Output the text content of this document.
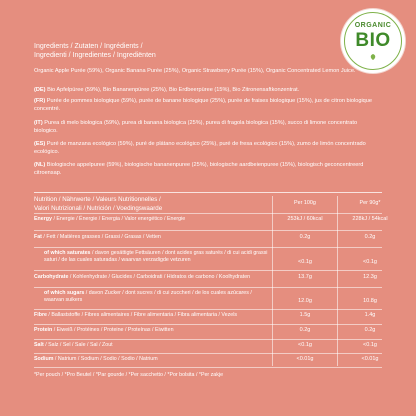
ORGANIC
BIO
Ingredients / Zutaten / Ingrédients /
Ingredienti / Ingredientes / Ingrediënten
Organic Apple Purée (59%), Organic Banana Purée (25%), Organic Strawberry Purée (15%), Organic Concentrated Lemon Juice.
(DE) Bio Apfelpüree (59%), Bio Bananenpüree (25%), Bio Erdbeerpüree (15%), Bio Zitronensaftkonzentrat.
(FR) Purée de pommes biologique (59%), purée de banane biologique (25%), purée de fraises biologique (15%), jus de citron biologique concentré.
(IT) Purea di melo biologica (59%), purea di banana biologica (25%), purea di fragola biologica (15%), succo di limone concentrato biologico.
(ES) Puré de manzana ecológico (59%), puré de plátano ecológico (25%), puré de fresa ecológico (15%), zumo de limón concentrado ecológico.
(NL) Biologische appelpuree (59%), biologische bananenpuree (25%), biologische aardbeienpuree (15%), biologisch geconcentreerd citroensap.
Nutrition / Nährwerte / Valeurs Nutritionnelles /
Valori Nutrizionali / Nutrición / Voedingswaarde
Per 100g	Per 90g*
Energy / Energie / Énergie / Energia / Valor energético / Energie	253kJ / 60kcal	228kJ / 54kcal
Fat / Fett / Matières grasses / Grassi / Grasas / Vetten	0.2g	0.2g
of which saturates / davon gesättigte Fettsäuren / dont acides gras saturés / di cui acidi grassi saturi / de las cuales saturadas / waarvan verzadigde vetzuren	<0.1g	<0.1g
Carbohydrate / Kohlenhydrate / Glucides / Carboidrati / Hidratos de carbono / Koolhydraten	13.7g	12.3g
of which sugars / davon Zucker / dont sucres / di cui zuccheri / de los cuales azúcares / waarvan suikers	12.0g	10.8g
Fibre / Ballaststoffe / Fibres alimentaires / Fibre alimentaria / Fibra alimentaria / Vezels	1.5g	1.4g
Protein / Eiweiß / Protéines / Proteine / Proteínas / Eiwitten	0.2g	0.2g
Salt / Salz / Sel / Sale / Sal / Zout	<0.1g	<0.1g
Sodium / Natrium / Sodium / Sodio / Sodio / Natrium	<0.01g	<0.01g
*Per pouch / *Pro Beutel / *Par gourde / *Per sacchetto / *Por bolsita / *Per zakje
